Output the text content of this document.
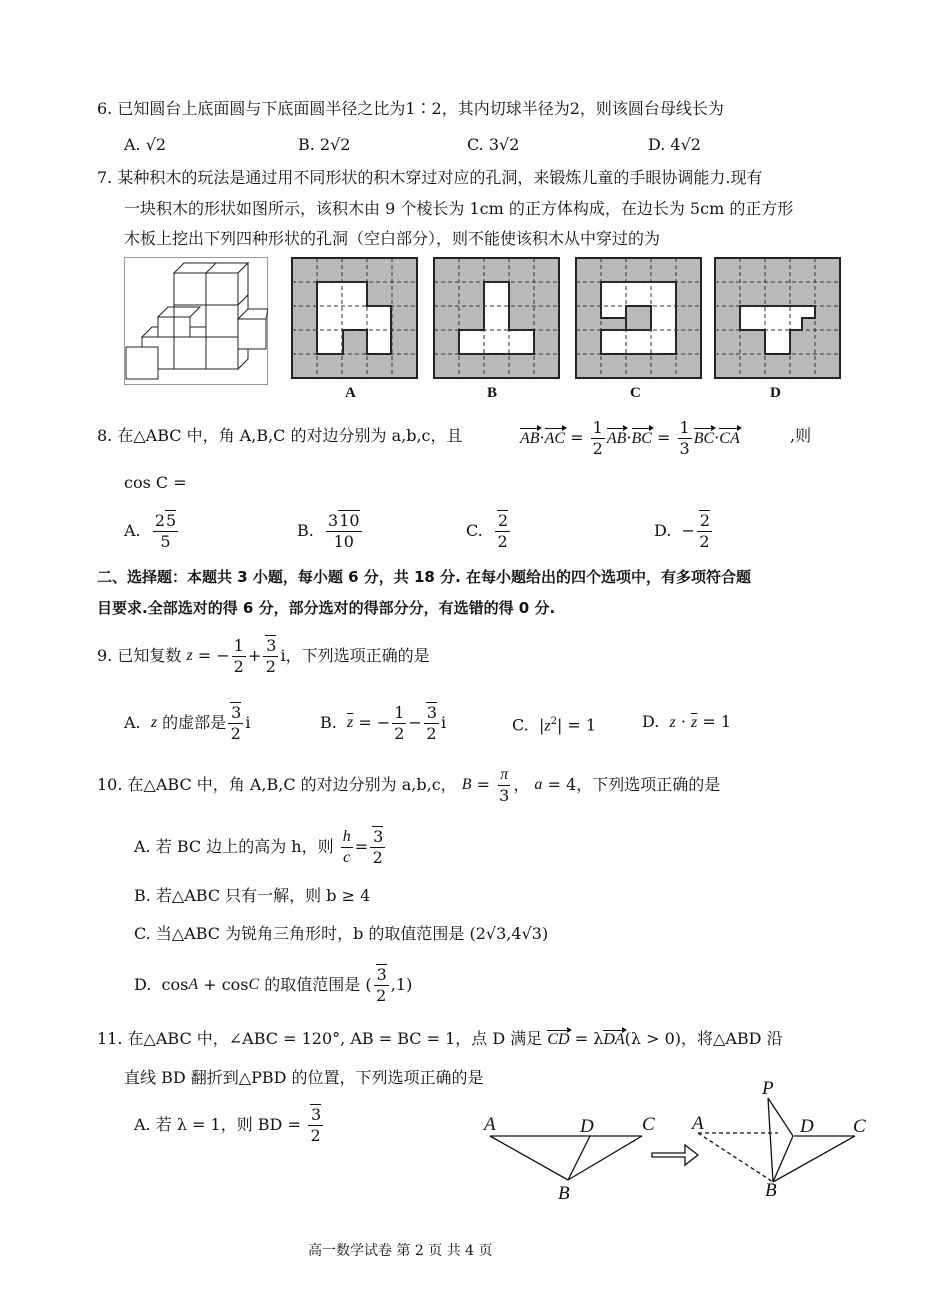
6. 已知圆台上底面圆与下底面圆半径之比为1∶2，其内切球半径为2，则该圆台母线长为
A. √2	B. 2√2	C. 3√2	D. 4√2
7. 某种积木的玩法是通过用不同形状的积木穿过对应的孔洞，来锻炼儿童的手眼协调能力.现有
一块积木的形状如图所示，该积木由 9 个棱长为 1cm 的正方体构成，在边长为 5cm 的正方形
木板上挖出下列四种形状的孔洞（空白部分），则不能使该积木从中穿过的为
A	B	C	D
8. 在△ABC 中，角 A,B,C 的对边分别为 a,b,c，且	AB · AC = $\frac{1}{2}$ AB · BC = $\frac{1}{3}$ BC · CA	,则
cos C =
A.
$\frac{25}{5}$	B.
$\frac{310}{10}$	C.
$\frac{2}{2}$	D. − $\frac{2}{2}$
二、选择题：本题共 3 小题，每小题 6 分，共 18 分. 在每小题给出的四个选项中，有多项符合题
目要求.全部选对的得 6 分，部分选对的得部分分，有选错的得 0 分.
9. 已知复数
z = − $\frac{1}{2} + \frac{3}{2}$ i ，下列选项正确的是
A. z
的虚部是 $\frac{3}{2}$ i	B. $\overline{z}$ = − $\frac{1}{2} - \frac{3}{2}$ i	C.  $|z^2| = 1$	D. $z \cdot \overline{z} = 1$
10. 在△ABC 中，角 A,B,C 的对边分别为 a,b,c，
$B = \frac{\pi}{3}$ ， a = 4 ，下列选项正确的是
A. 若 BC 边上的高为 h，则
$\frac{h}{c} = \frac{3}{2}$
B. 若△ABC 只有一解，则 b ≥ 4
C. 当△ABC 为锐角三角形时，b 的取值范围是 (2√3,4√3)
D.  cos A + cos C
的取值范围是 ( $\frac{3}{2} ,1$)
11. 在△ABC 中，∠ABC = 120°, AB = BC = 1，点 D 满足 CD = λDA(λ > 0)，将△ABD 沿
直线 BD 翻折到△PBD 的位置，下列选项正确的是
A. 若 λ = 1，则 BD =
$\frac{3}{2}$	A	D	C
B
P
A	D C
B
高一数学试卷 第 2 页 共 4 页
